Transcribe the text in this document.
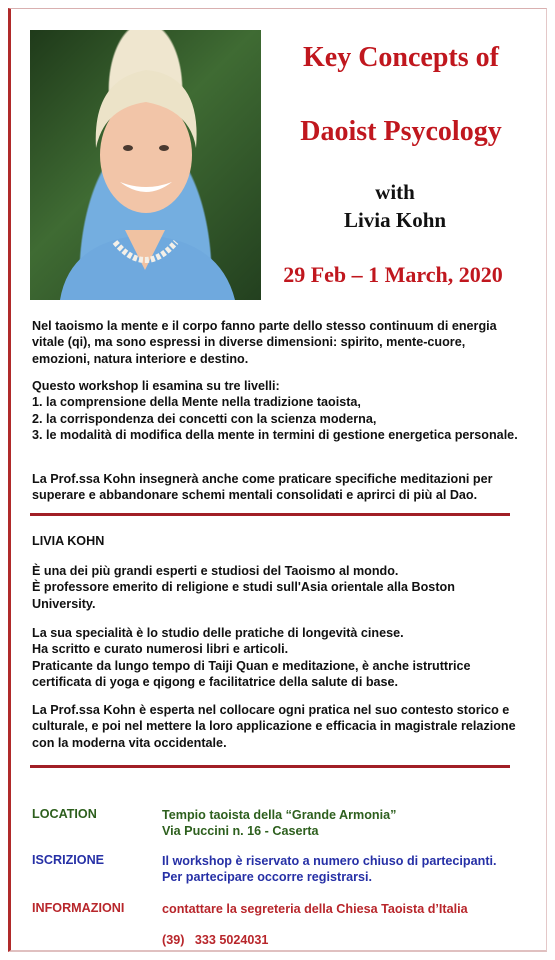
Key Concepts of
Daoist Psycology
with
Livia Kohn
29 Feb – 1 March, 2020

Nel taoismo la mente e il corpo fanno parte dello stesso continuum di energia vitale (qi), ma sono espressi in diverse dimensioni: spirito, mente-cuore, emozioni, natura interiore e destino.

Questo workshop li esamina su tre livelli:
1. la comprensione della Mente nella tradizione taoista,
2. la corrispondenza dei concetti con la scienza moderna,
3. le modalità di modifica della mente in termini di gestione energetica personale.

La Prof.ssa Kohn insegnerà anche come praticare specifiche meditazioni per superare e abbandonare schemi mentali consolidati e aprirci di più al Dao.

LIVIA KOHN
È una dei più grandi esperti e studiosi del Taoismo al mondo.
È professore emerito di religione e studi sull'Asia orientale alla Boston University.
La sua specialità è lo studio delle pratiche di longevità cinese.
Ha scritto e curato numerosi libri e articoli.
Praticante da lungo tempo di Taiji Quan e meditazione, è anche istruttrice certificata di yoga e qigong e facilitatrice della salute di base.

La Prof.ssa Kohn è esperta nel collocare ogni pratica nel suo contesto storico e culturale, e poi nel mettere la loro applicazione e efficacia in magistrale relazione con la moderna vita occidentale.

LOCATION	Tempio taoista della “Grande Armonia”
Via Puccini n. 16 - Caserta
ISCRIZIONE	Il workshop è riservato a numero chiuso di partecipanti.
Per partecipare occorre registrarsi.
INFORMAZIONI	contattare la segreteria della Chiesa Taoista d’Italia
(39)   333 5024031
